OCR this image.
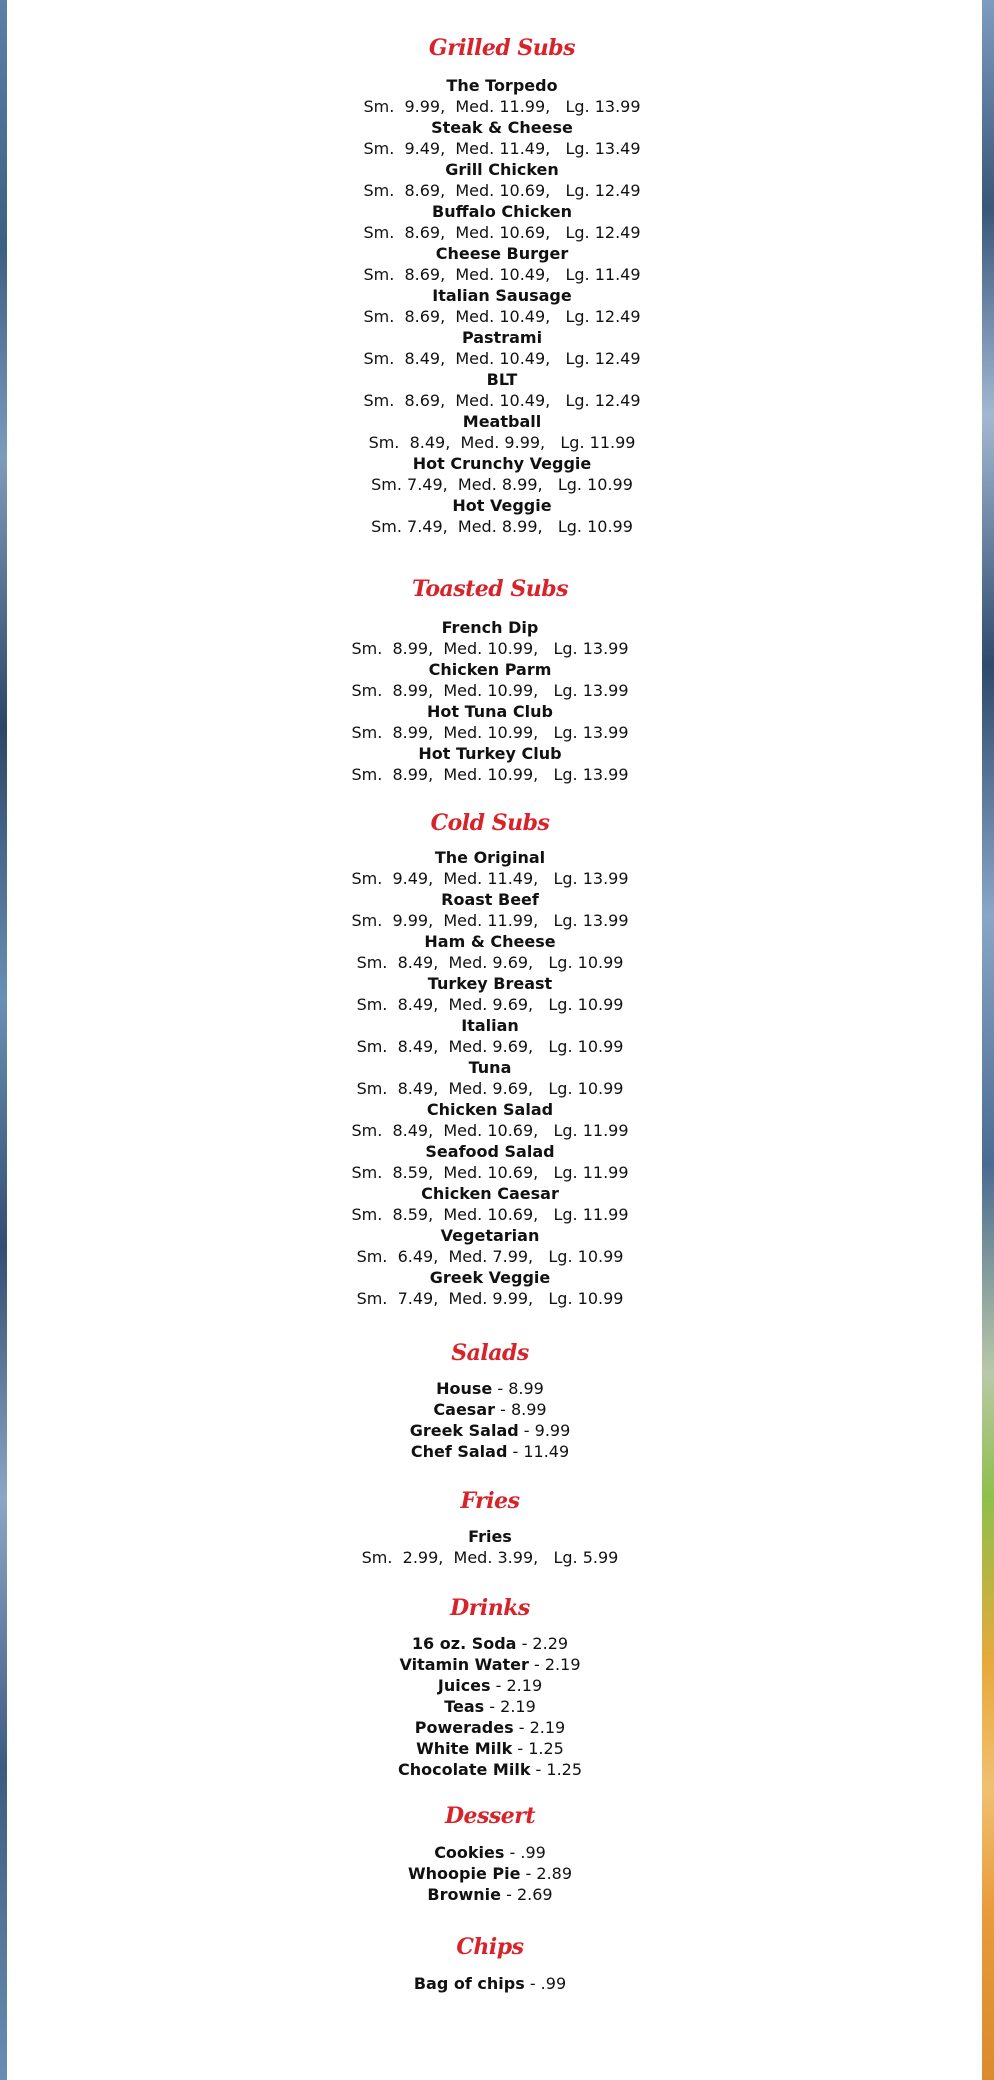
Grilled Subs
The Torpedo
Sm.  9.99,  Med. 11.99,   Lg. 13.99
Steak & Cheese
Sm.  9.49,  Med. 11.49,   Lg. 13.49
Grill Chicken
Sm.  8.69,  Med. 10.69,   Lg. 12.49
Buffalo Chicken
Sm.  8.69,  Med. 10.69,   Lg. 12.49
Cheese Burger
Sm.  8.69,  Med. 10.49,   Lg. 11.49
Italian Sausage
Sm.  8.69,  Med. 10.49,   Lg. 12.49
Pastrami
Sm.  8.49,  Med. 10.49,   Lg. 12.49
BLT
Sm.  8.69,  Med. 10.49,   Lg. 12.49
Meatball
Sm.  8.49,  Med. 9.99,   Lg. 11.99
Hot Crunchy Veggie
Sm. 7.49,  Med. 8.99,   Lg. 10.99
Hot Veggie
Sm. 7.49,  Med. 8.99,   Lg. 10.99
Toasted Subs
French Dip
Sm.  8.99,  Med. 10.99,   Lg. 13.99
Chicken Parm
Sm.  8.99,  Med. 10.99,   Lg. 13.99
Hot Tuna Club
Sm.  8.99,  Med. 10.99,   Lg. 13.99
Hot Turkey Club
Sm.  8.99,  Med. 10.99,   Lg. 13.99
Cold Subs
The Original
Sm.  9.49,  Med. 11.49,   Lg. 13.99
Roast Beef
Sm.  9.99,  Med. 11.99,   Lg. 13.99
Ham & Cheese
Sm.  8.49,  Med. 9.69,   Lg. 10.99
Turkey Breast
Sm.  8.49,  Med. 9.69,   Lg. 10.99
Italian
Sm.  8.49,  Med. 9.69,   Lg. 10.99
Tuna
Sm.  8.49,  Med. 9.69,   Lg. 10.99
Chicken Salad
Sm.  8.49,  Med. 10.69,   Lg. 11.99
Seafood Salad
Sm.  8.59,  Med. 10.69,   Lg. 11.99
Chicken Caesar
Sm.  8.59,  Med. 10.69,   Lg. 11.99
Vegetarian
Sm.  6.49,  Med. 7.99,   Lg. 10.99
Greek Veggie
Sm.  7.49,  Med. 9.99,   Lg. 10.99
Salads
House - 8.99
Caesar - 8.99
Greek Salad - 9.99
Chef Salad - 11.49
Fries
Fries
Sm.  2.99,  Med. 3.99,   Lg. 5.99
Drinks
16 oz. Soda - 2.29
Vitamin Water - 2.19
Juices - 2.19
Teas - 2.19
Powerades - 2.19
White Milk - 1.25
Chocolate Milk - 1.25
Dessert
Cookies - .99
Whoopie Pie - 2.89
Brownie - 2.69
Chips
Bag of chips - .99
